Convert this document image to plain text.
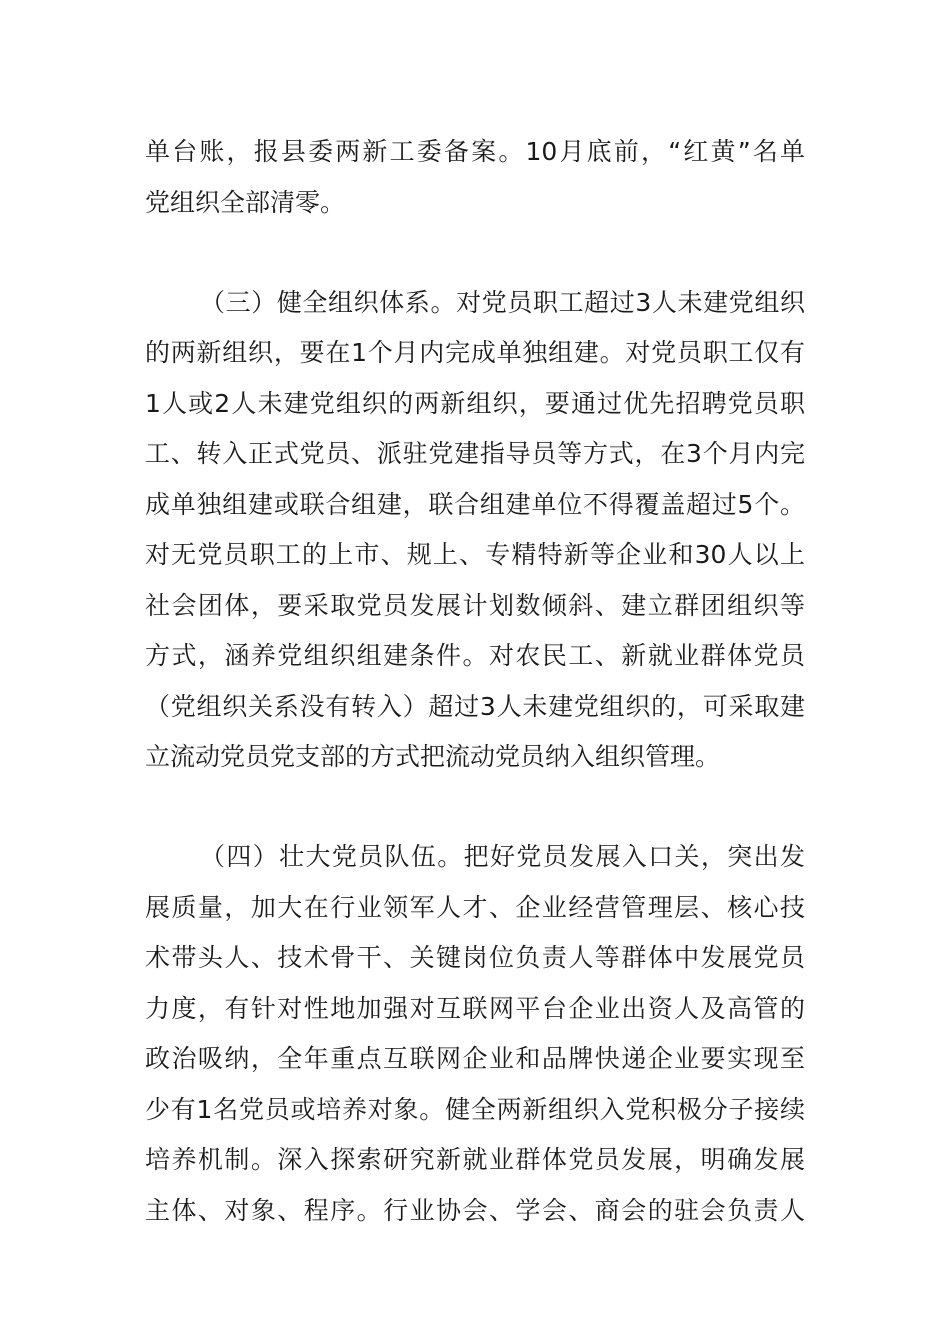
单台账，报县委两新工委备案。10月底前，“红黄”名单
党组织全部清零。
（三）健全组织体系。对党员职工超过3人未建党组织
的两新组织，要在1个月内完成单独组建。对党员职工仅有
1人或2人未建党组织的两新组织，要通过优先招聘党员职
工、转入正式党员、派驻党建指导员等方式，在3个月内完
成单独组建或联合组建，联合组建单位不得覆盖超过5个。
对无党员职工的上市、规上、专精特新等企业和30人以上
社会团体，要采取党员发展计划数倾斜、建立群团组织等
方式，涵养党组织组建条件。对农民工、新就业群体党员
（党组织关系没有转入）超过3人未建党组织的，可采取建
立流动党员党支部的方式把流动党员纳入组织管理。
（四）壮大党员队伍。把好党员发展入口关，突出发
展质量，加大在行业领军人才、企业经营管理层、核心技
术带头人、技术骨干、关键岗位负责人等群体中发展党员
力度，有针对性地加强对互联网平台企业出资人及高管的
政治吸纳，全年重点互联网企业和品牌快递企业要实现至
少有1名党员或培养对象。健全两新组织入党积极分子接续
培养机制。深入探索研究新就业群体党员发展，明确发展
主体、对象、程序。行业协会、学会、商会的驻会负责人
